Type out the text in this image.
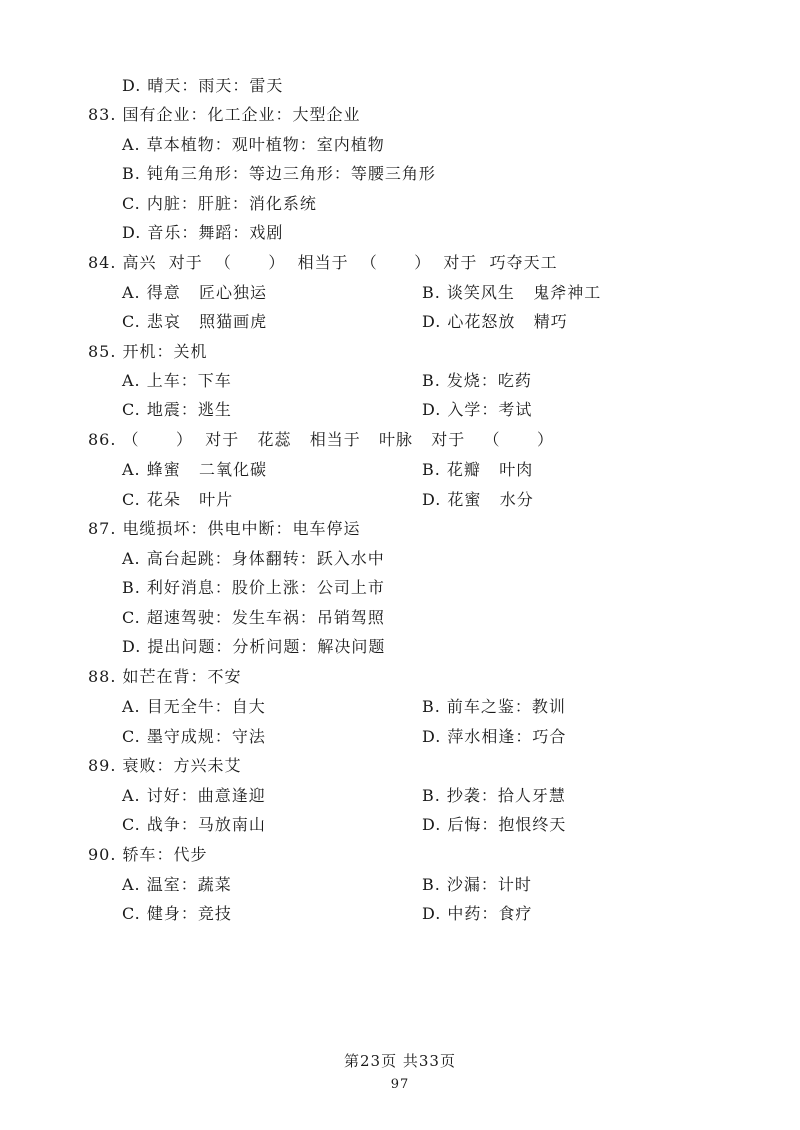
D. 晴天：雨天：雷天
83. 国有企业：化工企业：大型企业
A. 草本植物：观叶植物：室内植物
B. 钝角三角形：等边三角形：等腰三角形
C. 内脏：肝脏：消化系统
D. 音乐：舞蹈：戏剧
84. 高兴  对于  （      ）  相当于  （      ）  对于  巧夺天工
A. 得意   匠心独运	B. 谈笑风生   鬼斧神工
C. 悲哀   照猫画虎	D. 心花怒放   精巧
85. 开机：关机
A. 上车：下车	B. 发烧：吃药
C. 地震：逃生	D. 入学：考试
86. （      ）  对于   花蕊   相当于   叶脉   对于   （      ）
A. 蜂蜜   二氧化碳	B. 花瓣   叶肉
C. 花朵   叶片	D. 花蜜   水分
87. 电缆损坏：供电中断：电车停运
A. 高台起跳：身体翻转：跃入水中
B. 利好消息：股价上涨：公司上市
C. 超速驾驶：发生车祸：吊销驾照
D. 提出问题：分析问题：解决问题
88. 如芒在背：不安
A. 目无全牛：自大	B. 前车之鉴：教训
C. 墨守成规：守法	D. 萍水相逢：巧合
89. 衰败：方兴未艾
A. 讨好：曲意逢迎	B. 抄袭：拾人牙慧
C. 战争：马放南山	D. 后悔：抱恨终天
90. 轿车：代步
A. 温室：蔬菜	B. 沙漏：计时
C. 健身：竞技	D. 中药：食疗
第23页 共33页
97
